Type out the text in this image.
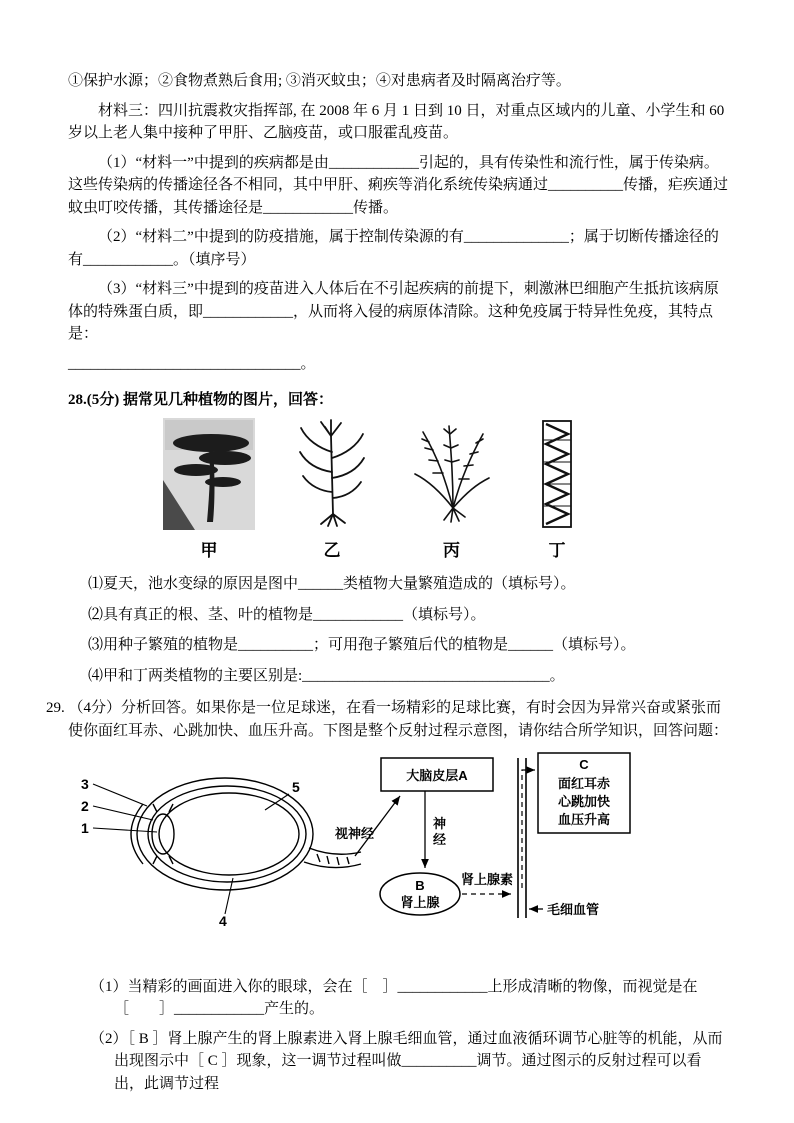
①保护水源；②食物煮熟后食用; ③消灭蚊虫；④对患病者及时隔离治疗等。

材料三：四川抗震救灾指挥部, 在 2008 年 6 月 1 日到 10 日，对重点区域内的儿童、小学生和 60 岁以上老人集中接种了甲肝、乙脑疫苗，或口服霍乱疫苗。

（1）“材料一”中提到的疾病都是由____________引起的，具有传染性和流行性，属于传染病。这些传染病的传播途径各不相同，其中甲肝、痢疾等消化系统传染病通过__________传播，疟疾通过蚊虫叮咬传播，其传播途径是____________传播。

（2）“材料二”中提到的防疫措施，属于控制传染源的有______________；属于切断传播途径的有____________。（填序号）

（3）“材料三”中提到的疫苗进入人体后在不引起疾病的前提下，刺激淋巴细胞产生抵抗该病原体的特殊蛋白质，即____________，从而将入侵的病原体清除。这种免疫属于特异性免疫，其特点是：

_______________________________。

28.(5分) 据常见几种植物的图片，回答：

甲	乙	丙	丁

⑴夏天，池水变绿的原因是图中______类植物大量繁殖造成的（填标号）。

⑵具有真正的根、茎、叶的植物是____________（填标号）。

⑶用种子繁殖的植物是__________；可用孢子繁殖后代的植物是______（填标号）。

⑷甲和丁两类植物的主要区别是:_________________________________。

29. （4分）分析回答。如果你是一位足球迷，在看一场精彩的足球比赛，有时会因为异常兴奋或紧张而使你面红耳赤、心跳加快、血压升高。下图是整个反射过程示意图，请你结合所学知识，回答问题：

3
2
1
4
5
视神经
大脑皮层A
神
经
B
肾上腺
肾上腺素
毛细血管
C
面红耳赤
心跳加快
血压升高

（1）当精彩的画面进入你的眼球，会在［　］____________上形成清晰的物像，而视觉是在［　　］____________产生的。

（2）［ B ］肾上腺产生的肾上腺素进入肾上腺毛细血管，通过血液循环调节心脏等的机能，从而出现图示中［ C ］现象，这一调节过程叫做__________调节。通过图示的反射过程可以看出，此调节过程
